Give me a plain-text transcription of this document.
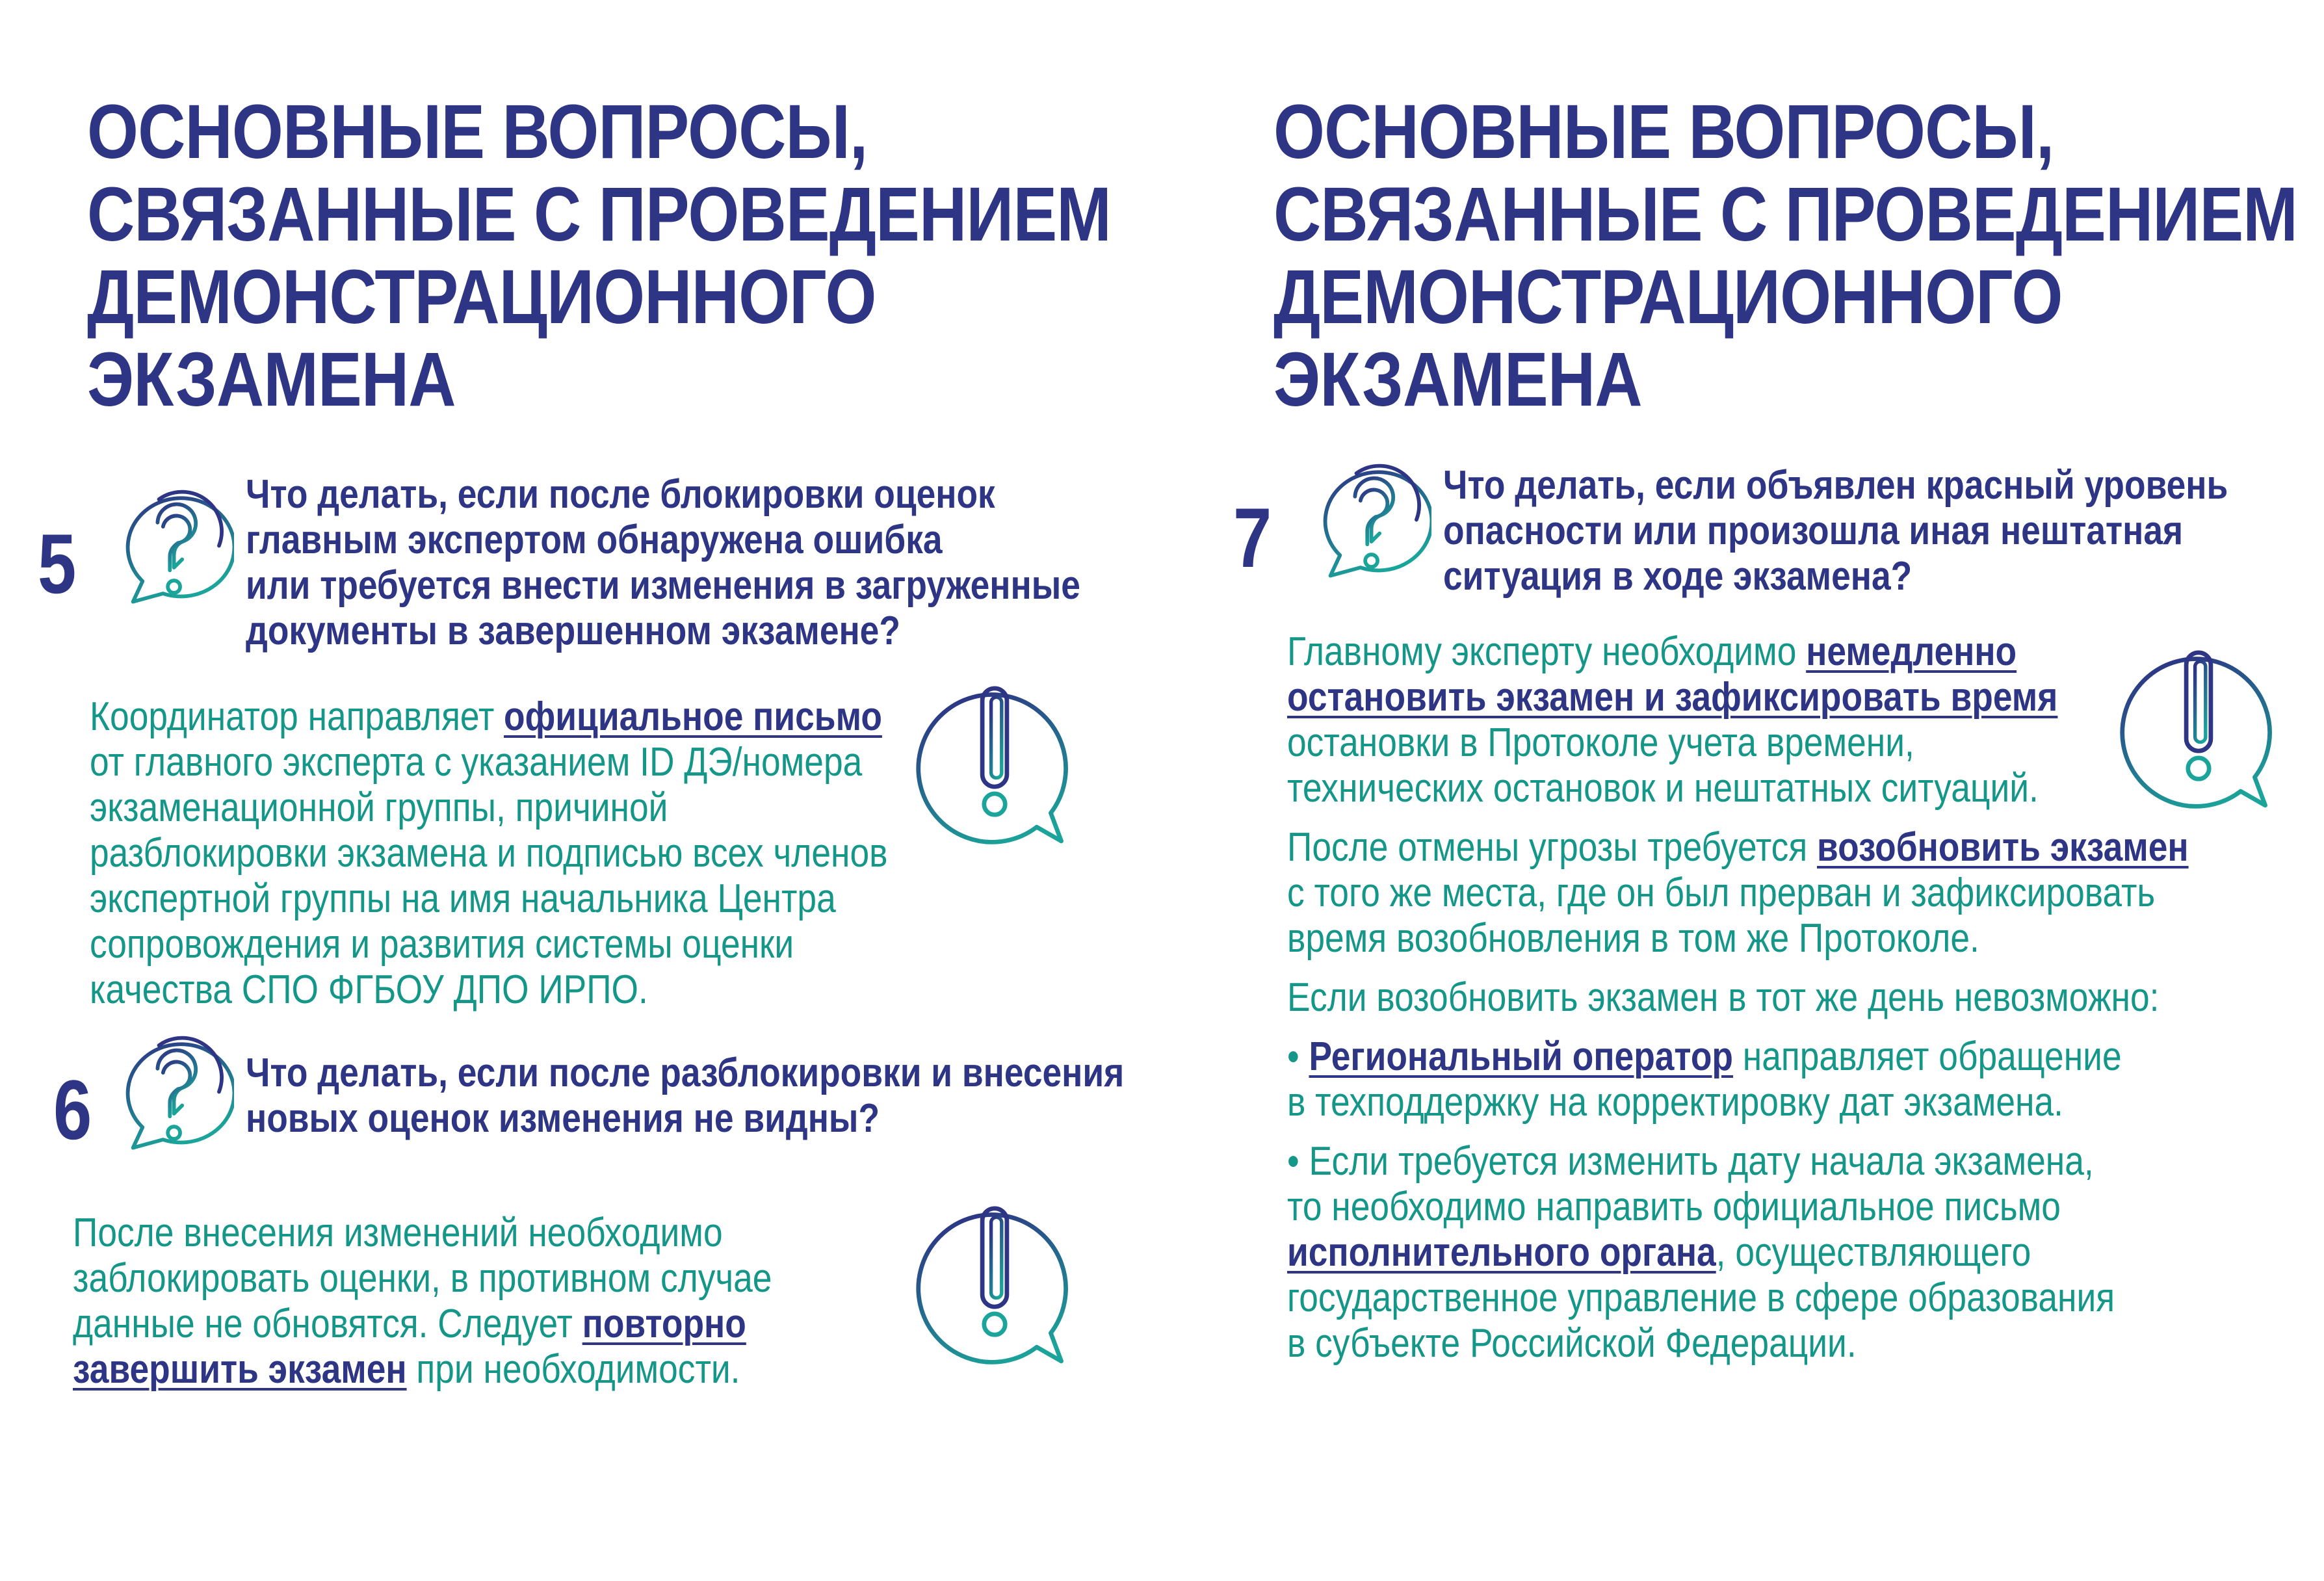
ОСНОВНЫЕ ВОПРОСЫ,
СВЯЗАННЫЕ С ПРОВЕДЕНИЕМ
ДЕМОНСТРАЦИОННОГО
ЭКЗАМЕНА
5
Что делать, если после блокировки оценок
главным экспертом обнаружена ошибка
или требуется внести изменения в загруженные
документы в завершенном экзамене?
Координатор направляет официальное письмо
от главного эксперта с указанием ID ДЭ/номера
экзаменационной группы, причиной
разблокировки экзамена и подписью всех членов
экспертной группы на имя начальника Центра
сопровождения и развития системы оценки
качества СПО ФГБОУ ДПО ИРПО.
6	Что делать, если после разблокировки и внесения
новых оценок изменения не видны?
После внесения изменений необходимо
заблокировать оценки, в противном случае
данные не обновятся. Следует повторно
завершить экзамен при необходимости.
ОСНОВНЫЕ ВОПРОСЫ,
СВЯЗАННЫЕ С ПРОВЕДЕНИЕМ
ДЕМОНСТРАЦИОННОГО
ЭКЗАМЕНА
7
Что делать, если объявлен красный уровень
опасности или произошла иная нештатная
ситуация в ходе экзамена?
Главному эксперту необходимо немедленно
остановить экзамен и зафиксировать время
остановки в Протоколе учета времени,
технических остановок и нештатных ситуаций.
После отмены угрозы требуется возобновить экзамен
с того же места, где он был прерван и зафиксировать
время возобновления в том же Протоколе.
Если возобновить экзамен в тот же день невозможно:
• Региональный оператор направляет обращение
в техподдержку на корректировку дат экзамена.
• Если требуется изменить дату начала экзамена,
то необходимо направить официальное письмо
исполнительного органа, осуществляющего
государственное управление в сфере образования
в субъекте Российской Федерации.
